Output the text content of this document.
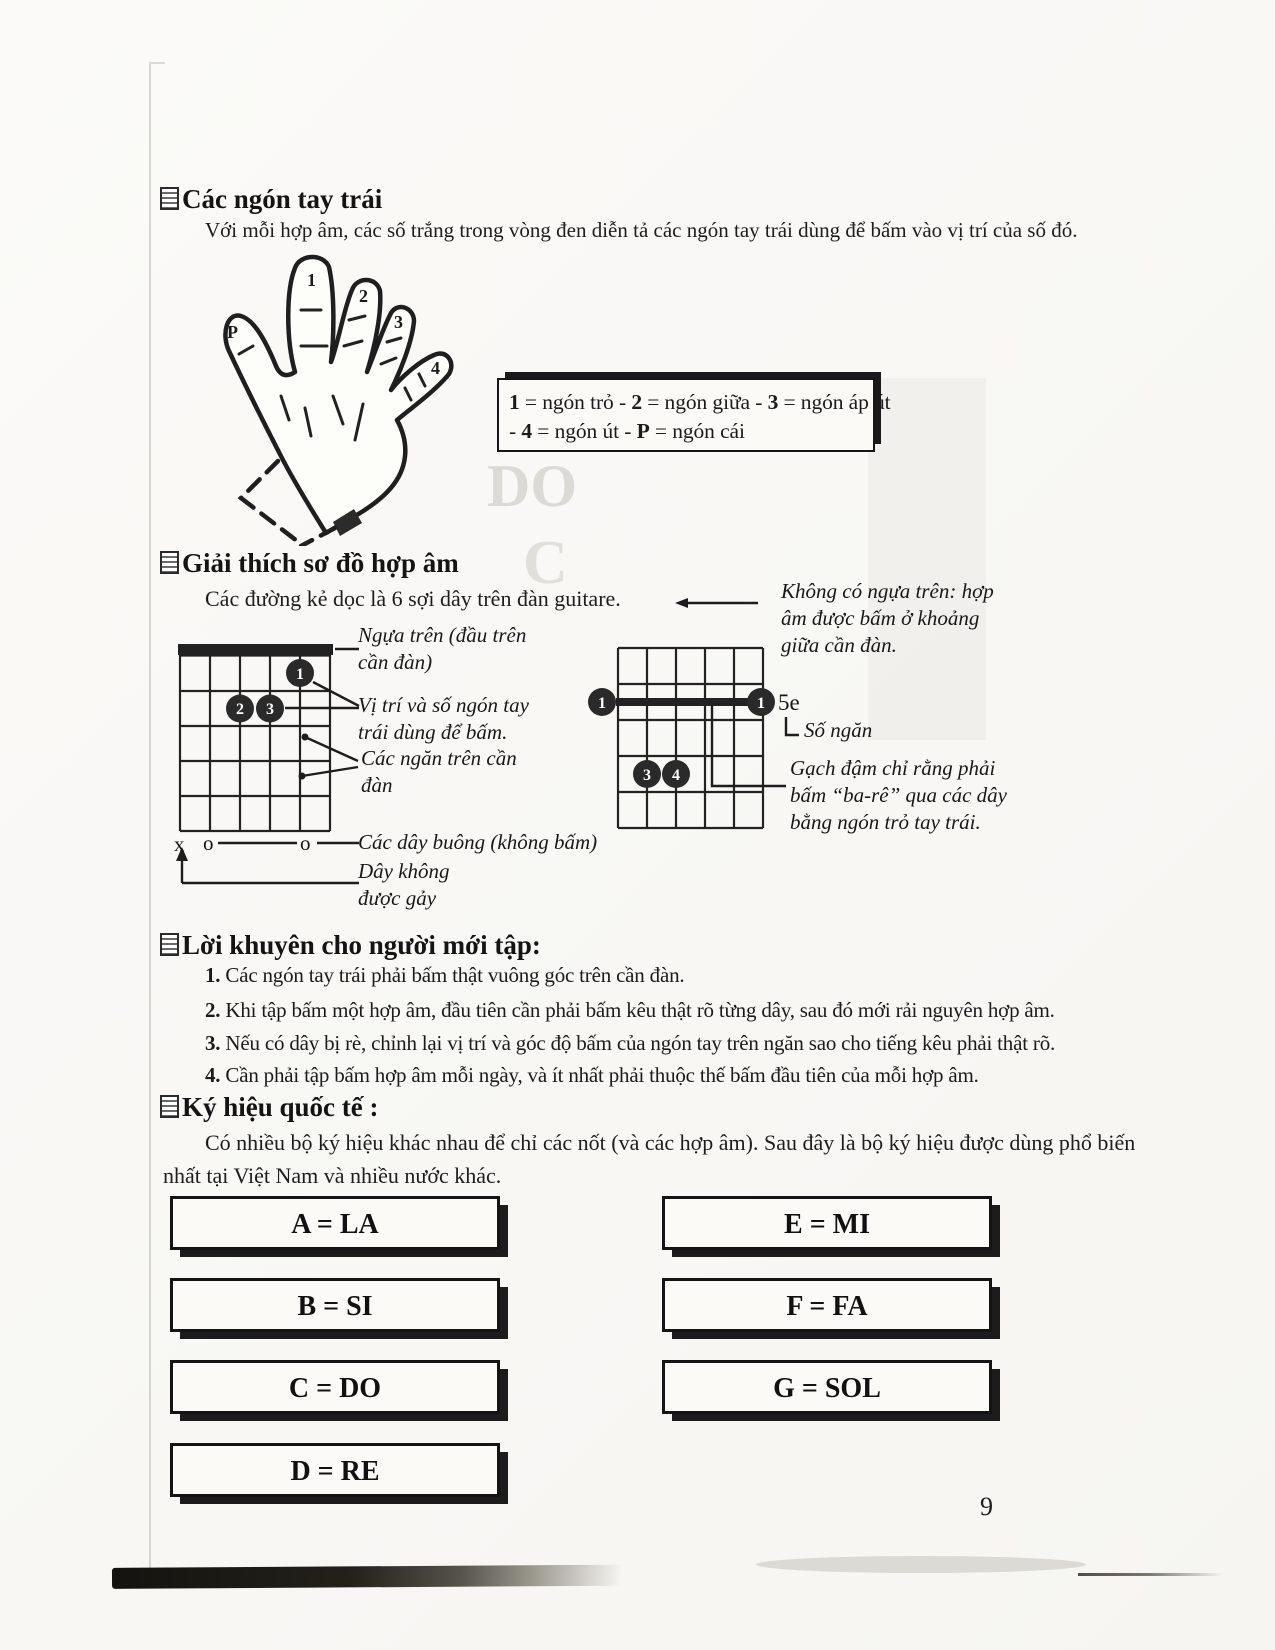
DO
C
Các ngón tay trái
Với mỗi hợp âm, các số trắng trong vòng đen diễn tả các ngón tay trái dùng để bấm vào vị trí của số đó.
1
2
3
4
P
1 = ngón trỏ - 2 = ngón giữa - 3 = ngón áp út
- 4 = ngón út - P = ngón cái
Giải thích sơ đồ hợp âm
Các đường kẻ dọc là 6 sợi dây trên đàn guitare.
1
2 3
x o	o
Ngựa trên (đầu trên cần đàn)
Vị trí và số ngón tay trái dùng để bấm.
Các ngăn trên cần đàn
Các dây buông (không bấm)
Dây không được gảy
1	1
3 4
5e
Không có ngựa trên: hợp âm được bấm ở khoảng giữa cần đàn.
Số ngăn
Gạch đậm chỉ rằng phải bấm “ba-rê” qua các dây bằng ngón trỏ tay trái.
Lời khuyên cho người mới tập:
1. Các ngón tay trái phải bấm thật vuông góc trên cần đàn.
2. Khi tập bấm một hợp âm, đầu tiên cần phải bấm kêu thật rõ từng dây, sau đó mới rải nguyên hợp âm.
3. Nếu có dây bị rè, chỉnh lại vị trí và góc độ bấm của ngón tay trên ngăn sao cho tiếng kêu phải thật rõ.
4. Cần phải tập bấm hợp âm mỗi ngày, và ít nhất phải thuộc thế bấm đầu tiên của mỗi hợp âm.
Ký hiệu quốc tế :
Có nhiều bộ ký hiệu khác nhau để chỉ các nốt (và các hợp âm). Sau đây là bộ ký hiệu được dùng phổ biến nhất tại Việt Nam và nhiều nước khác.
A = LA
B = SI
C = DO
D = RE
E = MI
F = FA
G = SOL
9
